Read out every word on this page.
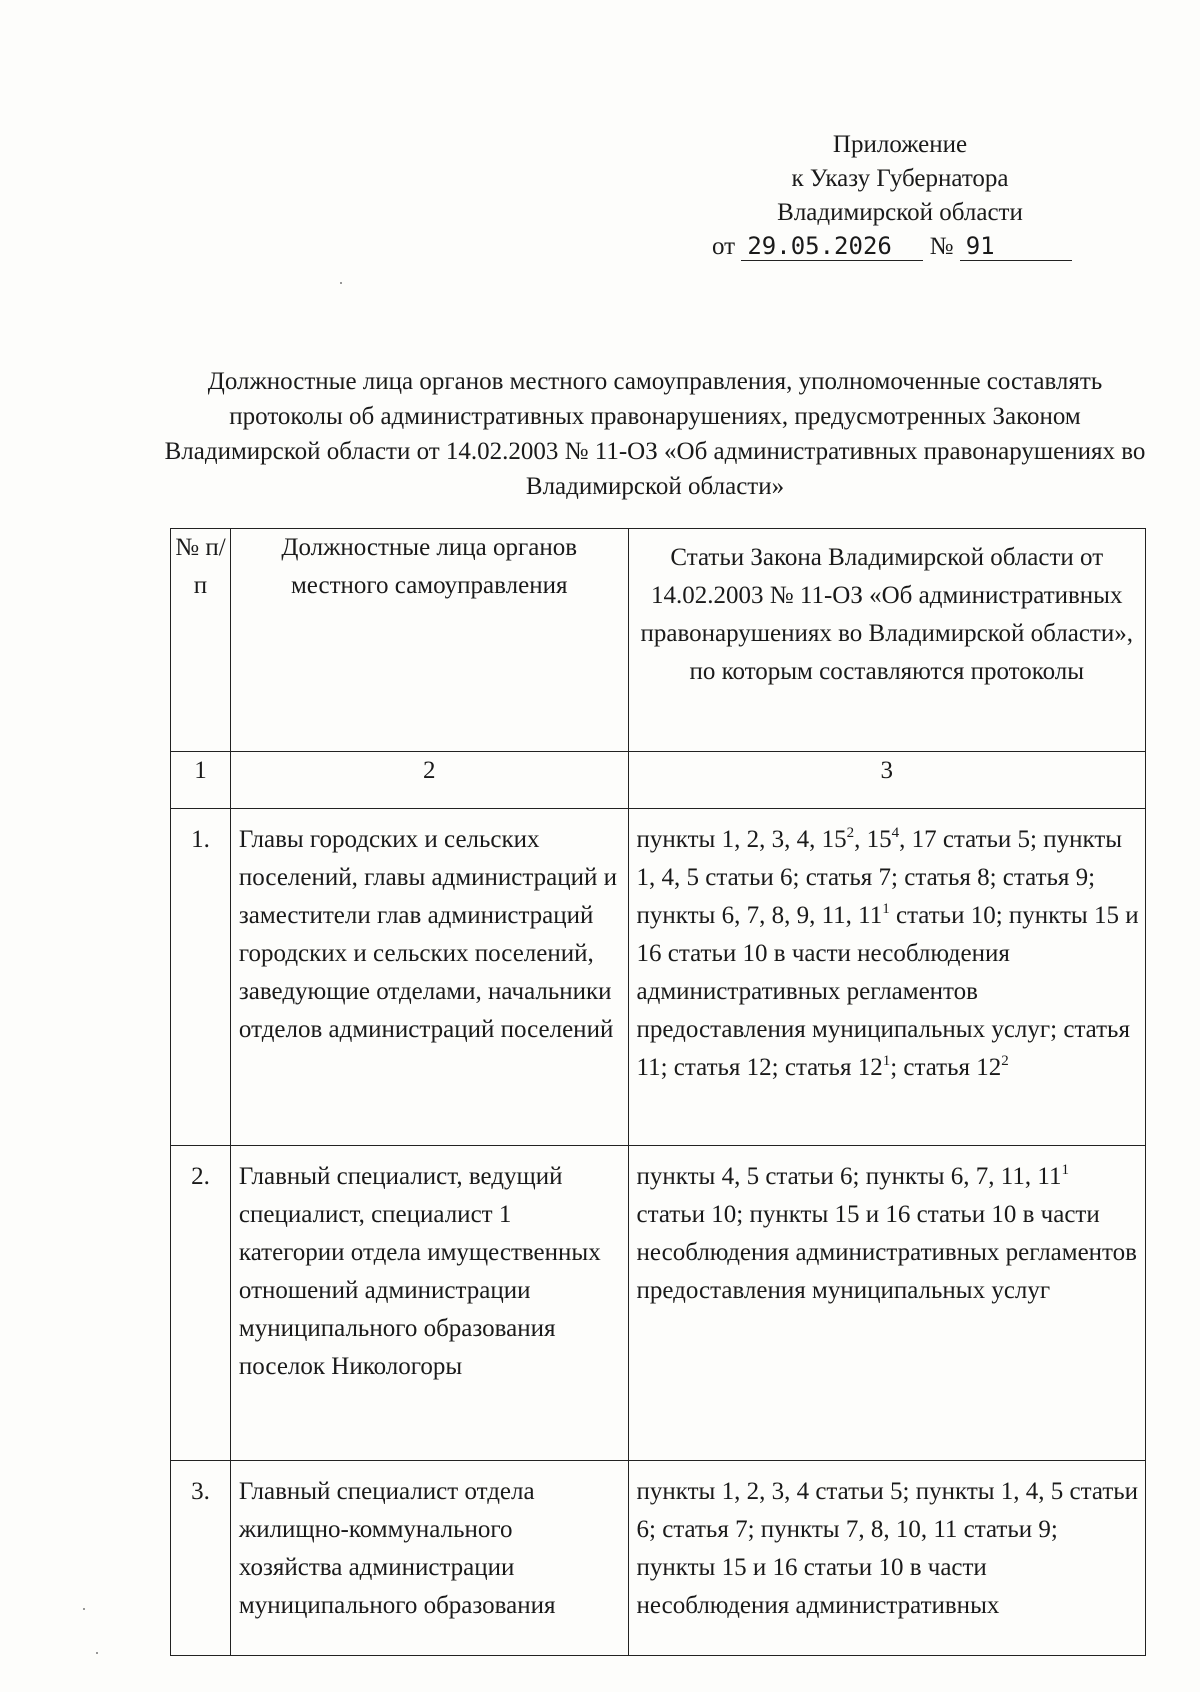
Приложение
к Указу Губернатора
Владимирской области
от 29.05.2026 № 91
Должностные лица органов местного самоуправления, уполномоченные составлять протоколы об административных правонарушениях, предусмотренных Законом Владимирской области от 14.02.2003 № 11-ОЗ «Об административных правонарушениях во Владимирской области»
№ п/п	Должностные лица органов местного самоуправления	Статьи Закона Владимирской области от 14.02.2003 № 11-ОЗ «Об административных правонарушениях во Владимирской области», по которым составляются протоколы
1	2	3
1.	Главы городских и сельских поселений, главы администраций и заместители глав администраций городских и сельских поселений, заведующие отделами, начальники отделов администраций поселений	пункты 1, 2, 3, 4, $15^2$, $15^4$, 17 статьи 5; пункты 1, 4, 5 статьи 6; статья 7; статья 8; статья 9; пункты 6, 7, 8, 9, 11, $11^1$ статьи 10; пункты 15 и 16 статьи 10 в части несоблюдения административных регламентов предоставления муниципальных услуг; статья 11; статья 12; статья $12^1$; статья $12^2$
2.	Главный специалист, ведущий специалист, специалист 1 категории отдела имущественных отношений администрации муниципального образования поселок Никологоры	пункты 4, 5 статьи 6; пункты 6, 7, 11, $11^1$ статьи 10; пункты 15 и 16 статьи 10 в части несоблюдения административных регламентов предоставления муниципальных услуг
3.	Главный специалист отдела жилищно-коммунального хозяйства администрации муниципального образования	пункты 1, 2, 3, 4 статьи 5; пункты 1, 4, 5 статьи 6; статья 7; пункты 7, 8, 10, 11 статьи 9; пункты 15 и 16 статьи 10 в части несоблюдения административных
